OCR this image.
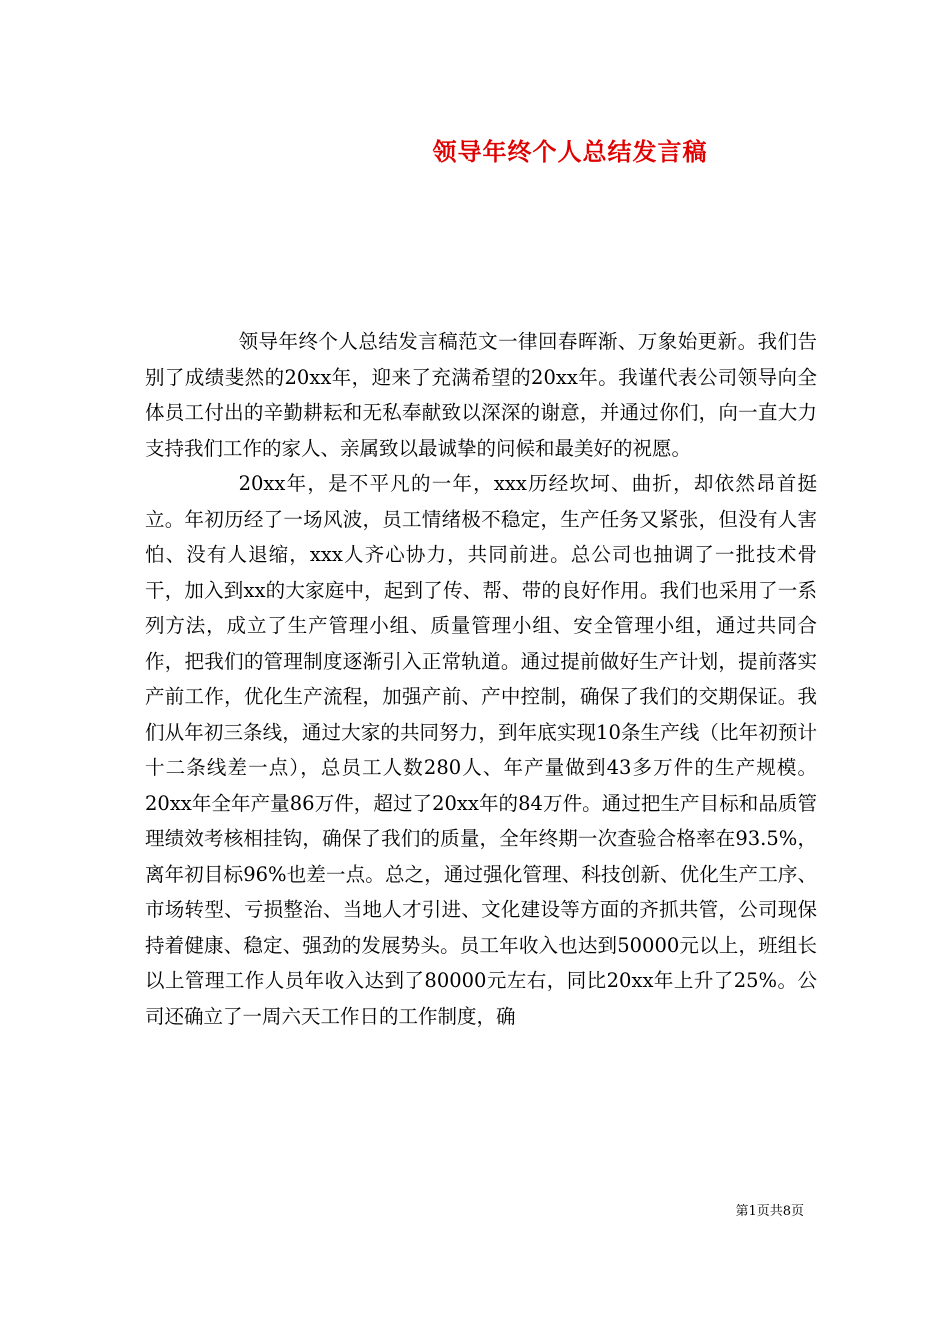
领导年终个人总结发言稿

领导年终个人总结发言稿范文一律回春晖渐、万象始更新。我们告别了成绩斐然的20xx年，迎来了充满希望的20xx年。我谨代表公司领导向全体员工付出的辛勤耕耘和无私奉献致以深深的谢意，并通过你们，向一直大力支持我们工作的家人、亲属致以最诚挚的问候和最美好的祝愿。

20xx年，是不平凡的一年，xxx历经坎坷、曲折，却依然昂首挺立。年初历经了一场风波，员工情绪极不稳定，生产任务又紧张，但没有人害怕、没有人退缩，xxx人齐心协力，共同前进。总公司也抽调了一批技术骨干，加入到xx的大家庭中，起到了传、帮、带的良好作用。我们也采用了一系列方法，成立了生产管理小组、质量管理小组、安全管理小组，通过共同合作，把我们的管理制度逐渐引入正常轨道。通过提前做好生产计划，提前落实产前工作，优化生产流程，加强产前、产中控制，确保了我们的交期保证。我们从年初三条线，通过大家的共同努力，到年底实现10条生产线（比年初预计十二条线差一点），总员工人数280人、年产量做到43多万件的生产规模。20xx年全年产量86万件，超过了20xx年的84万件。通过把生产目标和品质管理绩效考核相挂钩，确保了我们的质量，全年终期一次查验合格率在93.5%，离年初目标96%也差一点。总之，通过强化管理、科技创新、优化生产工序、市场转型、亏损整治、当地人才引进、文化建设等方面的齐抓共管，公司现保持着健康、稳定、强劲的发展势头。员工年收入也达到50000元以上，班组长以上管理工作人员年收入达到了80000元左右，同比20xx年上升了25%。公司还确立了一周六天工作日的工作制度，确

第1页共8页
